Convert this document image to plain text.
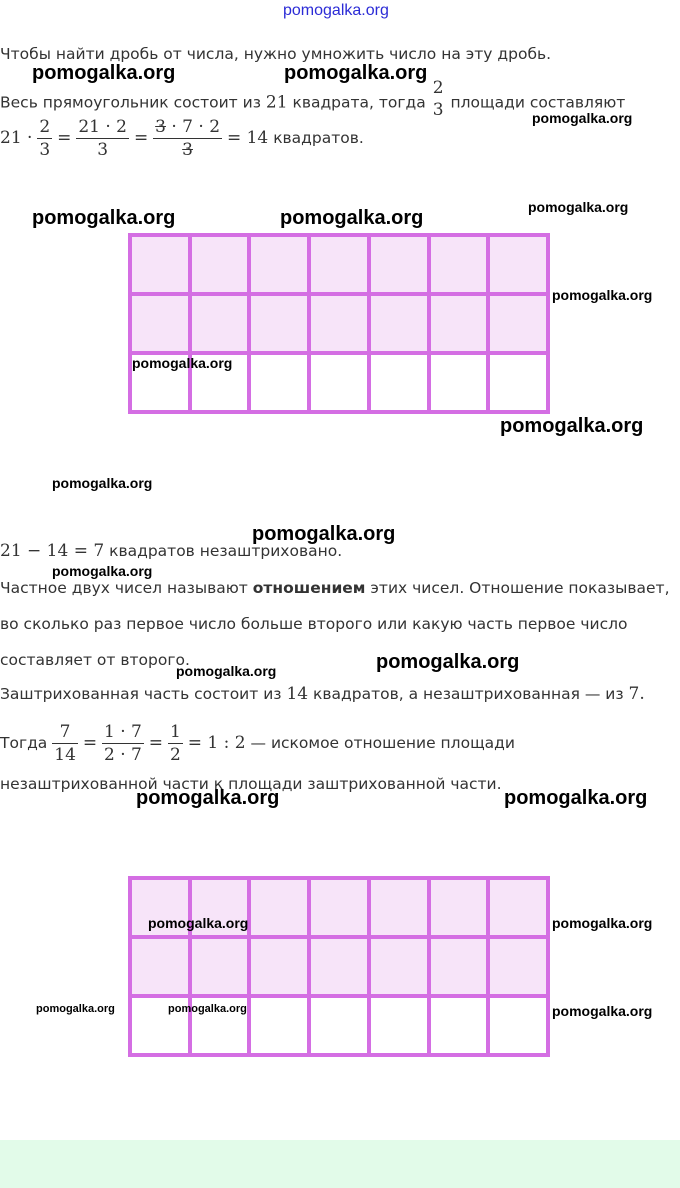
pomogalka.org
Чтобы найти дробь от числа, нужно умножить число на эту дробь.
Весь прямоугольник состоит из 21 квадрата, тогда
2
3 площади составляют
$21 \cdot \frac{2}{3} = \frac{21 \cdot 2}{3} = \frac{3 \cdot 7 \cdot 2}{3} = 14$ квадратов.
21 − 14 = 7 квадратов незаштриховано.
Частное двух чисел называют отношением этих чисел. Отношение показывает,
во сколько раз первое число больше второго или какую часть первое число
составляет от второго.
Заштрихованная часть состоит из 14 квадратов, а незаштрихованная — из 7.
Тогда $\frac{7}{14} = \frac{1 \cdot 7}{2 \cdot 7} = \frac{1}{2} = 1$ : 2 — искомое отношение площади
незаштрихованной части к площади заштрихованной части.
pomogalka.org	pomogalka.org
pomogalka.org
pomogalka.org	pomogalka.org	pomogalka.org
pomogalka.org
pomogalka.org
pomogalka.org
pomogalka.org
pomogalka.org
pomogalka.org
pomogalka.org	pomogalka.org
pomogalka.org	pomogalka.org
pomogalka.org	pomogalka.org
pomogalka.org	pomogalka.org	pomogalka.org
